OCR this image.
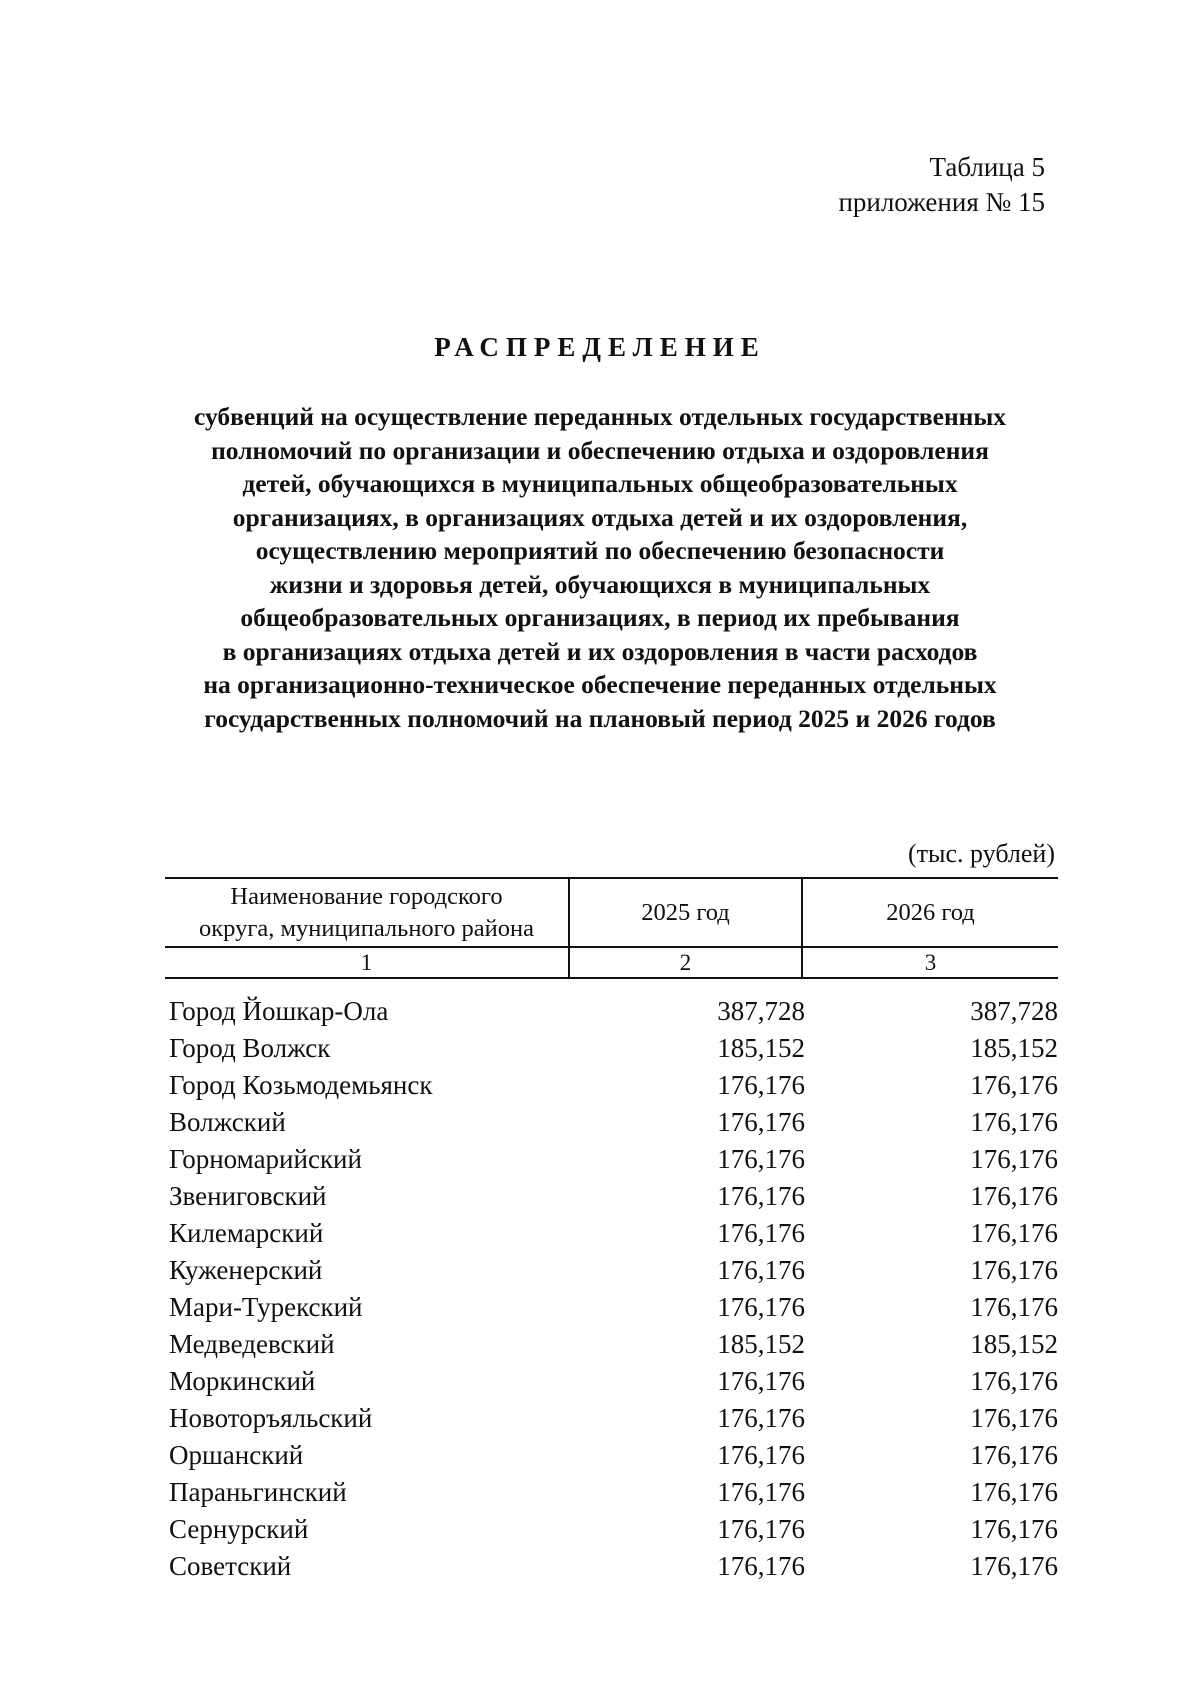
Таблица 5
приложения № 15
РАСПРЕДЕЛЕНИЕ
субвенций на осуществление переданных отдельных государственных
полномочий по организации и обеспечению отдыха и оздоровления
детей, обучающихся в муниципальных общеобразовательных
организациях, в организациях отдыха детей и их оздоровления,
осуществлению мероприятий по обеспечению безопасности
жизни и здоровья детей, обучающихся в муниципальных
общеобразовательных организациях, в период их пребывания
в организациях отдыха детей и их оздоровления в части расходов
на организационно-техническое обеспечение переданных отдельных
государственных полномочий на плановый период 2025 и 2026 годов
(тыс. рублей)
Наименование городского
округа, муниципального района
2025 год	2026 год
1	2	3
Город Йошкар-Ола	387,728	387,728
Город Волжск	185,152	185,152
Город Козьмодемьянск	176,176	176,176
Волжский	176,176	176,176
Горномарийский	176,176	176,176
Звениговский	176,176	176,176
Килемарский	176,176	176,176
Куженерский	176,176	176,176
Мари-Турекский	176,176	176,176
Медведевский	185,152	185,152
Моркинский	176,176	176,176
Новоторъяльский	176,176	176,176
Оршанский	176,176	176,176
Параньгинский	176,176	176,176
Сернурский	176,176	176,176
Советский	176,176	176,176
